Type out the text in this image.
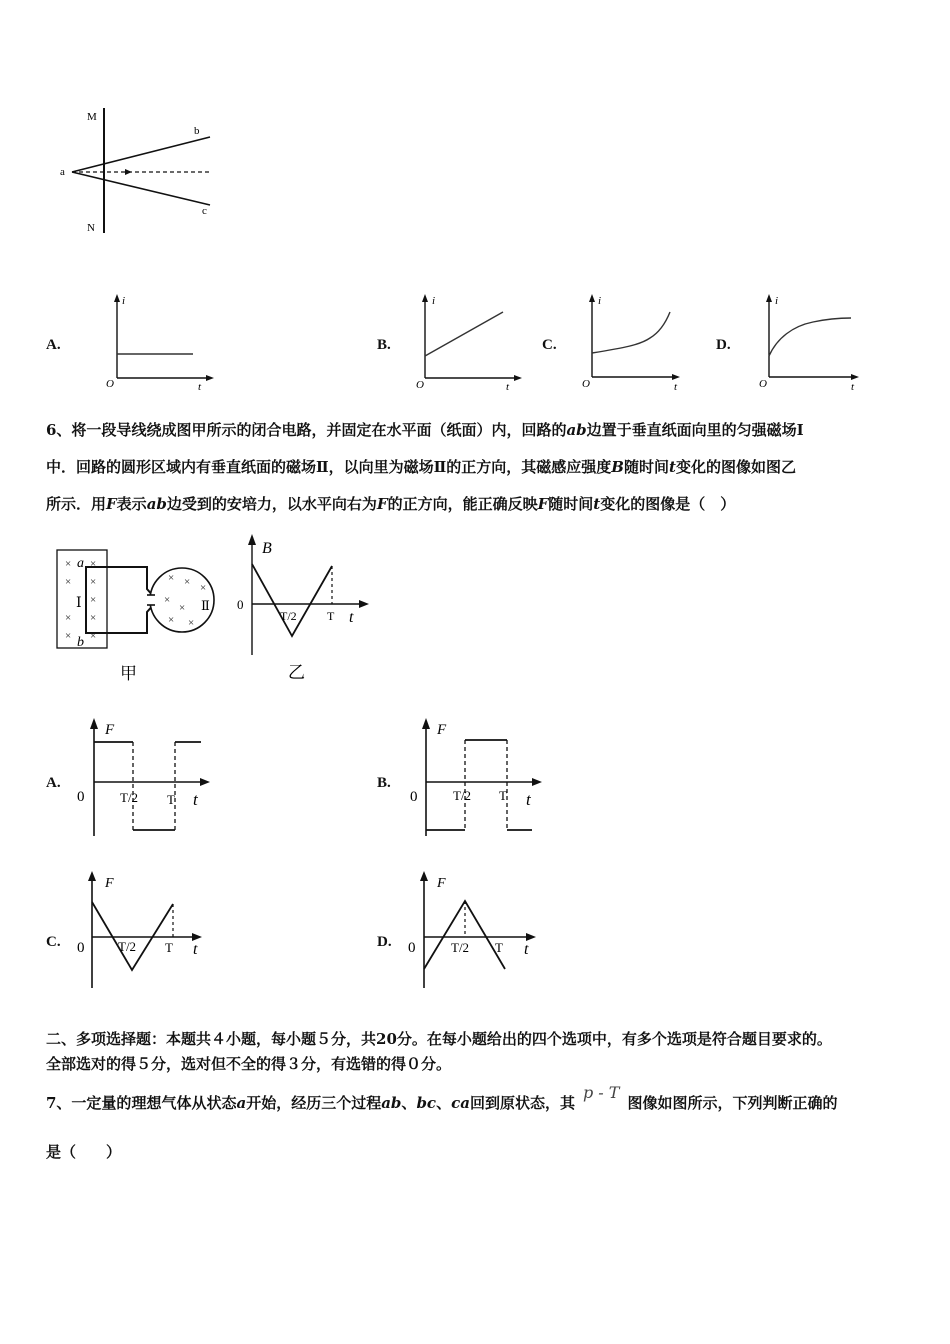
M
N
a
b
c
A.
i
O	t
B.
i
O	t
C.
i
O	t
D.
i
O	t
6、将一段导线绕成图甲所示的闭合电路，并固定在水平面（纸面）内，回路的ab边置于垂直纸面向里的匀强磁场Ⅰ
中．回路的圆形区域内有垂直纸面的磁场Ⅱ，以向里为磁场Ⅱ的正方向，其磁感应强度B随时间t变化的图像如图乙
所示．用F表示ab边受到的安培力，以水平向右为F的正方向，能正确反映F随时间t变化的图像是（　）
×
×
×
×
×
×
×
×
×
× × ×
×
×
× ×
a
b
Ⅰ	Ⅱ
甲
B
0
T/2	T t
乙
A.
F
0	T/2 T t
B.
F
0	T/2 T t
C.
F
0	T/2 T t	D.
F
0	T/2 T t
二、多项选择题：本题共４小题，每小题５分，共20分。在每小题给出的四个选项中，有多个选项是符合题目要求的。
全部选对的得５分，选对但不全的得３分，有选错的得０分。
7、一定量的理想气体从状态a开始，经历三个过程ab、bc、ca回到原状态，其p - T图像如图所示，下列判断正确的
是（　　）
